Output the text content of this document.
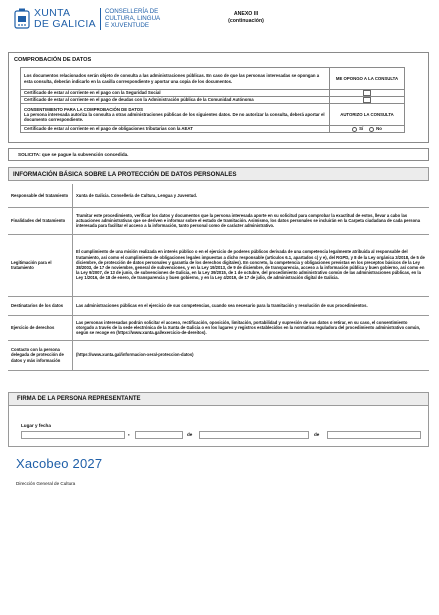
XUNTA
DE GALICIA
CONSELLERÍA DE
CULTURA, LINGUA
E XUVENTUDE
ANEXO III
(continuación)
COMPROBACIÓN DE DATOS
Los documentos relacionados serán objeto de consulta a las administraciones públicas. En caso de que las personas interesadas se opongan a esta consulta, deberán indicarlo en la casilla correspondiente y aportar una copia de los documentos.	ME OPONGO A LA CONSULTA
Certificado de estar al corriente en el pago con la Seguridad Social	
Certificado de estar al corriente en el pago de deudas con la Administración pública de la Comunidad Autónoma	

CONSENTIMIENTO PARA LA COMPROBACIÓN DE DATOS
La persona interesada autoriza la consulta a otras administraciones públicas de los siguientes datos. De no autorizar la consulta, deberá aportar el documento correspondiente.	AUTORIZO LA CONSULTA
Certificado de estar al corriente en el pago de obligaciones tributarias con la AEAT	Sí No
SOLICITA: que se pague la subvención concedida.
INFORMACIÓN BÁSICA SOBRE LA PROTECCIÓN DE DATOS PERSONALES
Responsable del tratamiento	Xunta de Galicia. Consellería de Cultura, Lengua y Juventud.
Finalidades del tratamiento	Tramitar este procedimiento, verificar los datos y documentos que la persona interesada aporte en su solicitud para comprobar la exactitud de estos, llevar a cabo las actuaciones administrativas que se deriven e informar sobre el estado de tramitación. Asimismo, los datos personales se incluirán en la Carpeta ciudadana de cada persona interesada para facilitar el acceso a la información, tanto personal como de carácter administrativo.
Legitimación para el tratamiento	El cumplimiento de una misión realizada en interés público o en el ejercicio de poderes públicos derivada de una competencia legalmente atribuida al responsable del tratamiento, así como el cumplimiento de obligaciones legales impuestas a dicho responsable (artículos 6.1, apartados c) y e), del RGPD, y 8 de la Ley orgánica 3/2018, de 5 de diciembre, de protección de datos personales y garantía de los derechos digitales). En concreto, la competencia y obligaciones previstas en los preceptos básicos de la Ley 38/2003, de 17 de noviembre, general de subvenciones, y en la Ley 19/2013, de 9 de diciembre, de transparencia, acceso a la información pública y buen gobierno, así como en la Ley 9/2007, de 13 de junio, de subvenciones de Galicia, en la Ley 39/2015, de 1 de octubre, del procedimiento administrativo común de las administraciones públicas, en la Ley 1/2016, de 18 de enero, de transparencia y buen gobierno, y en la Ley 4/2019, de 17 de julio, de administración digital de Galicia.
Destinatarios de los datos	Las administraciones públicas en el ejercicio de sus competencias, cuando sea necesario para la tramitación y resolución de sus procedimientos.
Ejercicio de derechos	Las personas interesadas podrán solicitar el acceso, rectificación, oposición, limitación, portabilidad y supresión de sus datos o retirar, en su caso, el consentimiento otorgado a través de la sede electrónica de la Xunta de Galicia o en los lugares y registros establecidos en la normativa reguladora del procedimiento administrativo común, según se recoge en (https://www.xunta.gal/exercicio-de-dereitos).
Contacto con la persona delegada de protección de datos y más información	(https://www.xunta.gal/informacion-xeral-proteccion-datos)
FIRMA DE LA PERSONA REPRESENTANTE
Lugar y fecha
,	de	de
Xacobeo 2027
Dirección General de Cultura
